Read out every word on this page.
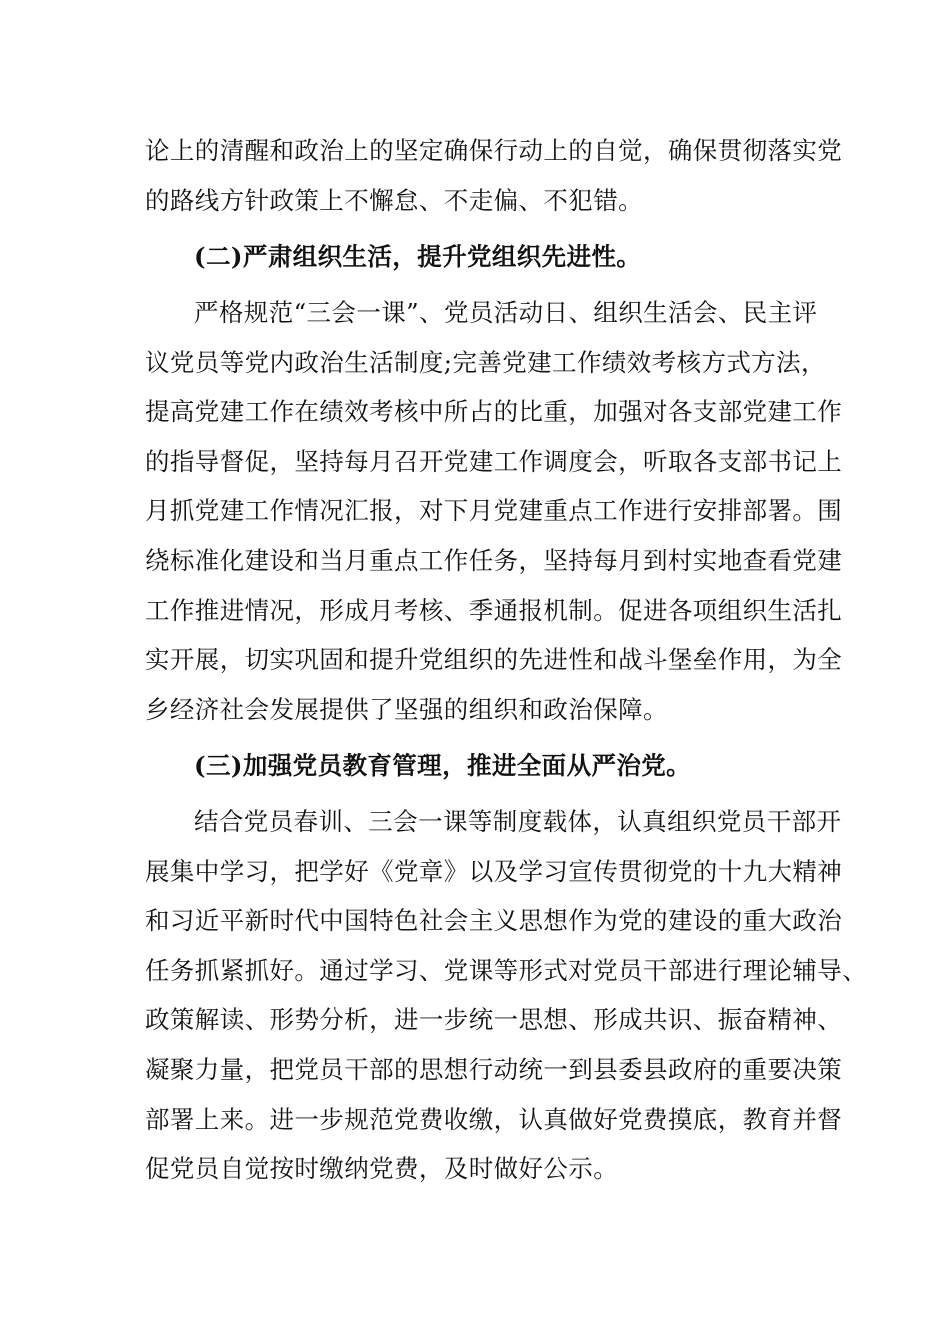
论上的清醒和政治上的坚定确保行动上的自觉，确保贯彻落实党
的路线方针政策上不懈怠、不走偏、不犯错。
(二)严肃组织生活，提升党组织先进性。
严格规范“三会一课”、党员活动日、组织生活会、民主评
议党员等党内政治生活制度;完善党建工作绩效考核方式方法，
提高党建工作在绩效考核中所占的比重，加强对各支部党建工作
的指导督促，坚持每月召开党建工作调度会，听取各支部书记上
月抓党建工作情况汇报，对下月党建重点工作进行安排部署。围
绕标准化建设和当月重点工作任务，坚持每月到村实地查看党建
工作推进情况，形成月考核、季通报机制。促进各项组织生活扎
实开展，切实巩固和提升党组织的先进性和战斗堡垒作用，为全
乡经济社会发展提供了坚强的组织和政治保障。
(三)加强党员教育管理，推进全面从严治党。
结合党员春训、三会一课等制度载体，认真组织党员干部开
展集中学习，把学好《党章》以及学习宣传贯彻党的十九大精神
和习近平新时代中国特色社会主义思想作为党的建设的重大政治
任务抓紧抓好。通过学习、党课等形式对党员干部进行理论辅导、
政策解读、形势分析，进一步统一思想、形成共识、振奋精神、
凝聚力量，把党员干部的思想行动统一到县委县政府的重要决策
部署上来。进一步规范党费收缴，认真做好党费摸底，教育并督
促党员自觉按时缴纳党费，及时做好公示。
